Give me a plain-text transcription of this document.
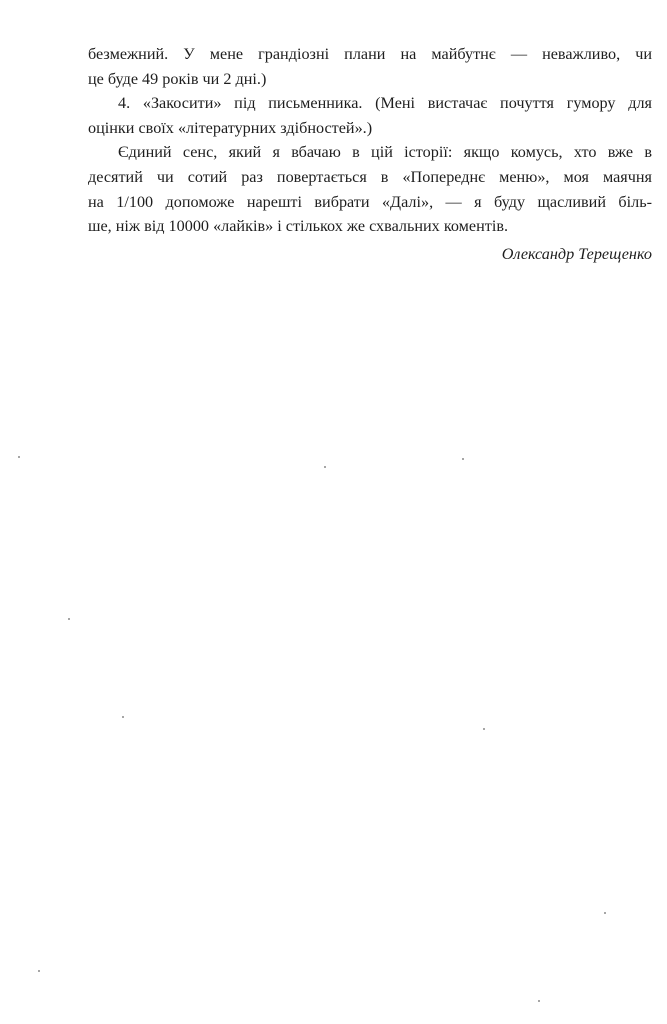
безмежний. У мене грандіозні плани на майбутнє — неважливо, чи
це буде 49 років чи 2 дні.)
4. «Закосити» під письменника. (Мені вистачає почуття гумору для
оцінки своїх «літературних здібностей».)
Єдиний сенс, який я вбачаю в цій історії: якщо комусь, хто вже в
десятий чи сотий раз повертається в «Попереднє меню», моя маячня
на 1/100 допоможе нарешті вибрати «Далі», — я буду щасливий біль-
ше, ніж від 10000 «лайків» і стількох же схвальних коментів.
Олександр Терещенко
